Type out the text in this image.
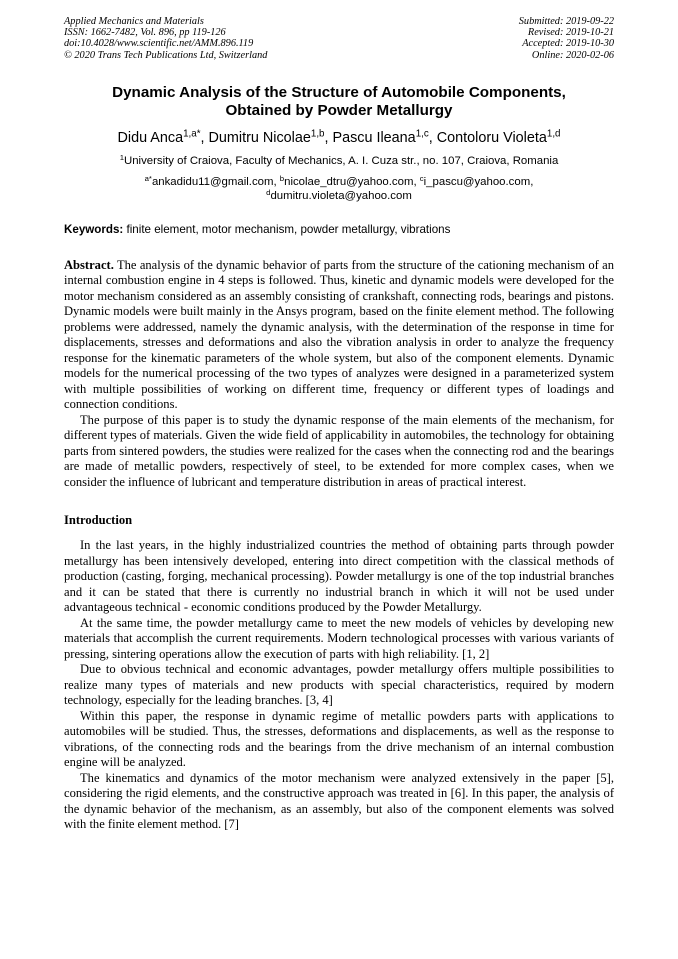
Applied Mechanics and Materials
ISSN: 1662-7482, Vol. 896, pp 119-126
doi:10.4028/www.scientific.net/AMM.896.119
© 2020 Trans Tech Publications Ltd, Switzerland
Submitted: 2019-09-22
Revised: 2019-10-21
Accepted: 2019-10-30
Online: 2020-02-06
Dynamic Analysis of the Structure of Automobile Components,
Obtained by Powder Metallurgy
Didu Anca$^{1,a*}$, Dumitru Nicolae$^{1,b}$, Pascu Ileana$^{1,c}$, Contoloru Violeta$^{1,d}$
$^1$University of Craiova, Faculty of Mechanics, A. I. Cuza str., no. 107, Craiova, Romania
$^{a*}$ankadidu11@gmail.com, $^b$nicolae_dtru@yahoo.com, $^c$i_pascu@yahoo.com,
$^d$dumitru.violeta@yahoo.com
Keywords: finite element, motor mechanism, powder metallurgy, vibrations

Abstract. The analysis of the dynamic behavior of parts from the structure of the cationing mechanism of an internal combustion engine in 4 steps is followed. Thus, kinetic and dynamic models were developed for the motor mechanism considered as an assembly consisting of crankshaft, connecting rods, bearings and pistons. Dynamic models were built mainly in the Ansys program, based on the finite element method. The following problems were addressed, namely the dynamic analysis, with the determination of the response in time for displacements, stresses and deformations and also the vibration analysis in order to analyze the frequency response for the kinematic parameters of the whole system, but also of the component elements. Dynamic models for the numerical processing of the two types of analyzes were designed in a parameterized system with multiple possibilities of working on different time, frequency or different types of loadings and connection conditions.

The purpose of this paper is to study the dynamic response of the main elements of the mechanism, for different types of materials. Given the wide field of applicability in automobiles, the technology for obtaining parts from sintered powders, the studies were realized for the cases when the connecting rod and the bearings are made of metallic powders, respectively of steel, to be extended for more complex cases, when we consider the influence of lubricant and temperature distribution in areas of practical interest.

Introduction

In the last years, in the highly industrialized countries the method of obtaining parts through powder metallurgy has been intensively developed, entering into direct competition with the classical methods of production (casting, forging, mechanical processing). Powder metallurgy is one of the top industrial branches and it can be stated that there is currently no industrial branch in which it will not be used under advantageous technical - economic conditions produced by the Powder Metallurgy.

At the same time, the powder metallurgy came to meet the new models of vehicles by developing new materials that accomplish the current requirements. Modern technological processes with various variants of pressing, sintering operations allow the execution of parts with high reliability. [1, 2]

Due to obvious technical and economic advantages, powder metallurgy offers multiple possibilities to realize many types of materials and new products with special characteristics, required by modern technology, especially for the leading branches. [3, 4]

Within this paper, the response in dynamic regime of metallic powders parts with applications to automobiles will be studied. Thus, the stresses, deformations and displacements, as well as the response to vibrations, of the connecting rods and the bearings from the drive mechanism of an internal combustion engine will be analyzed.

The kinematics and dynamics of the motor mechanism were analyzed extensively in the paper [5], considering the rigid elements, and the constructive approach was treated in [6]. In this paper, the analysis of the dynamic behavior of the mechanism, as an assembly, but also of the component elements was solved with the finite element method. [7]
